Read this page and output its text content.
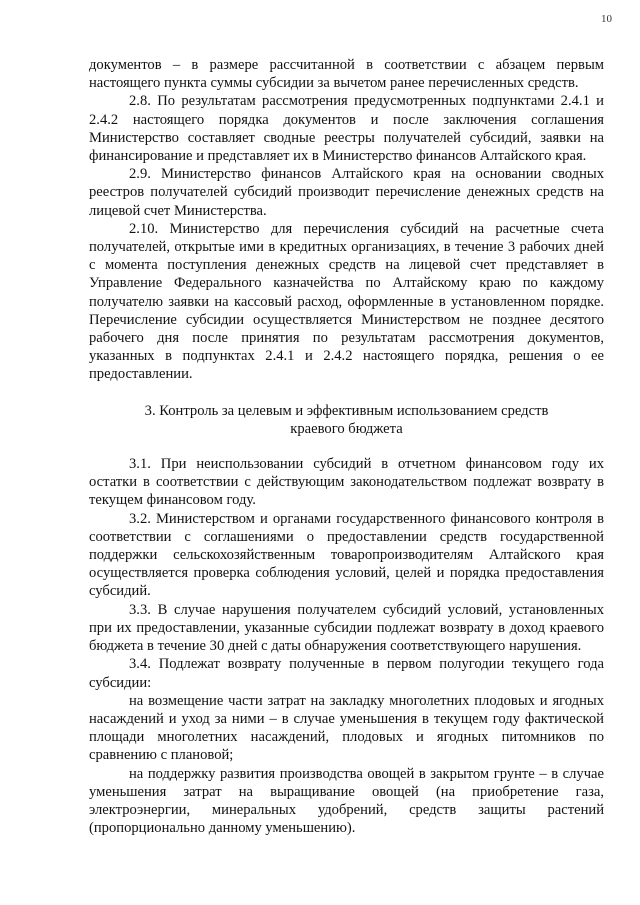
10

документов – в размере рассчитанной в соответствии с абзацем первым настоящего пункта суммы субсидии за вычетом ранее перечисленных средств.

2.8. По результатам рассмотрения предусмотренных подпунктами 2.4.1 и 2.4.2 настоящего порядка документов и после заключения соглашения Министерство составляет сводные реестры получателей субсидий, заявки на финансирование и представляет их в Министерство финансов Алтайского края.

2.9. Министерство финансов Алтайского края на основании сводных реестров получателей субсидий производит перечисление денежных средств на лицевой счет Министерства.

2.10. Министерство для перечисления субсидий на расчетные счета получателей, открытые ими в кредитных организациях, в течение 3 рабочих дней с момента поступления денежных средств на лицевой счет представляет в Управление Федерального казначейства по Алтайскому краю по каждому получателю заявки на кассовый расход, оформленные в установленном порядке. Перечисление субсидии осуществляется Министерством не позднее десятого рабочего дня после принятия по результатам рассмотрения документов, указанных в подпунктах 2.4.1 и 2.4.2 настоящего порядка, решения о ее предоставлении.

3. Контроль за целевым и эффективным использованием средств краевого бюджета

3.1. При неиспользовании субсидий в отчетном финансовом году их остатки в соответствии с действующим законодательством подлежат возврату в текущем финансовом году.

3.2. Министерством и органами государственного финансового контроля в соответствии с соглашениями о предоставлении средств государственной поддержки сельскохозяйственным товаропроизводителям Алтайского края осуществляется проверка соблюдения условий, целей и порядка предоставления субсидий.

3.3. В случае нарушения получателем субсидий условий, установленных при их предоставлении, указанные субсидии подлежат возврату в доход краевого бюджета в течение 30 дней с даты обнаружения соответствующего нарушения.

3.4. Подлежат возврату полученные в первом полугодии текущего года субсидии:

на возмещение части затрат на закладку многолетних плодовых и ягодных насаждений и уход за ними – в случае уменьшения в текущем году фактической площади многолетних насаждений, плодовых и ягодных питомников по сравнению с плановой;

на поддержку развития производства овощей в закрытом грунте – в случае уменьшения затрат на выращивание овощей (на приобретение газа, электроэнергии, минеральных удобрений, средств защиты растений (пропорционально данному уменьшению).
